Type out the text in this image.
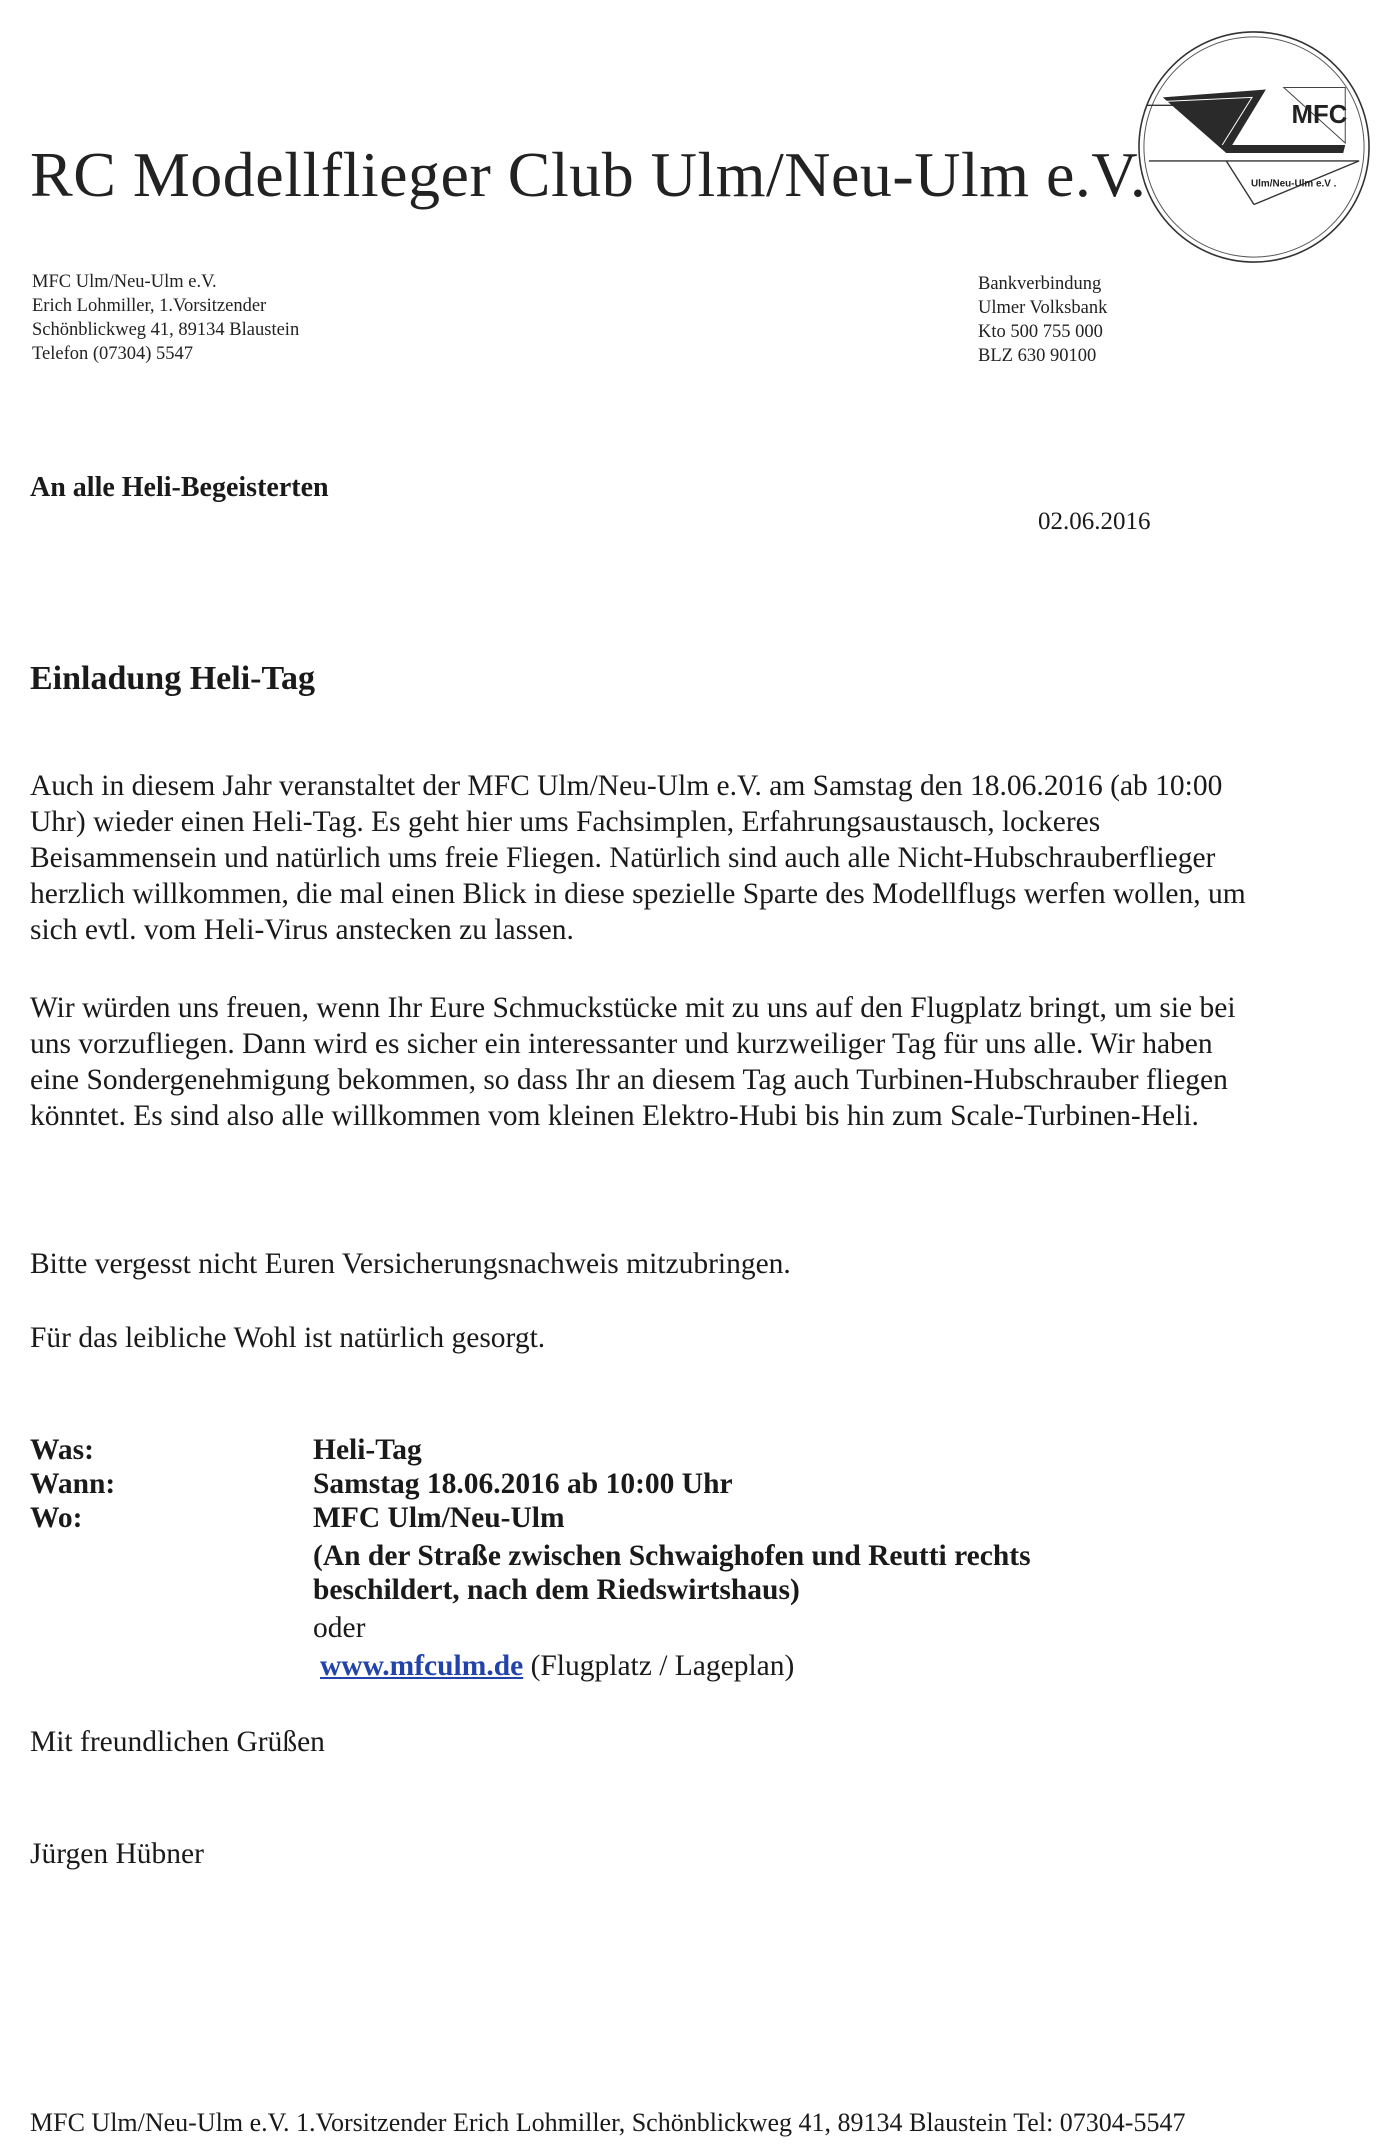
RC Modellflieger Club Ulm/Neu-Ulm e.V.
MFC
Ulm/Neu-Ulm e.V .
MFC Ulm/Neu-Ulm e.V.
Erich Lohmiller, 1.Vorsitzender
Schönblickweg 41, 89134 Blaustein
Telefon (07304) 5547
Bankverbindung
Ulmer Volksbank
Kto 500 755 000
BLZ 630 90100
An alle Heli-Begeisterten
02.06.2016
Einladung Heli-Tag
Auch in diesem Jahr veranstaltet der MFC Ulm/Neu-Ulm e.V. am Samstag den 18.06.2016 (ab 10:00 Uhr) wieder einen Heli-Tag. Es geht hier ums Fachsimplen, Erfahrungsaustausch, lockeres Beisammensein und natürlich ums freie Fliegen. Natürlich sind auch alle Nicht-Hubschrauberflieger herzlich willkommen, die mal einen Blick in diese spezielle Sparte des Modellflugs werfen wollen, um sich evtl. vom Heli-Virus anstecken zu lassen.
Wir würden uns freuen, wenn Ihr Eure Schmuckstücke mit zu uns auf den Flugplatz bringt, um sie bei uns vorzufliegen. Dann wird es sicher ein interessanter und kurzweiliger Tag für uns alle. Wir haben eine Sondergenehmigung bekommen, so dass Ihr an diesem Tag auch Turbinen-Hubschrauber fliegen könntet. Es sind also alle willkommen vom kleinen Elektro-Hubi bis hin zum Scale-Turbinen-Heli.
Bitte vergesst nicht Euren Versicherungsnachweis mitzubringen.
Für das leibliche Wohl ist natürlich gesorgt.
Was:	Heli-Tag
Wann:	Samstag 18.06.2016 ab 10:00 Uhr
Wo:	MFC Ulm/Neu-Ulm
(An der Straße zwischen Schwaighofen und Reutti rechts
beschildert, nach dem Riedswirtshaus)
oder
www.mfculm.de (Flugplatz / Lageplan)
Mit freundlichen Grüßen
Jürgen Hübner
MFC Ulm/Neu-Ulm e.V. 1.Vorsitzender Erich Lohmiller, Schönblickweg 41, 89134 Blaustein Tel: 07304-5547
